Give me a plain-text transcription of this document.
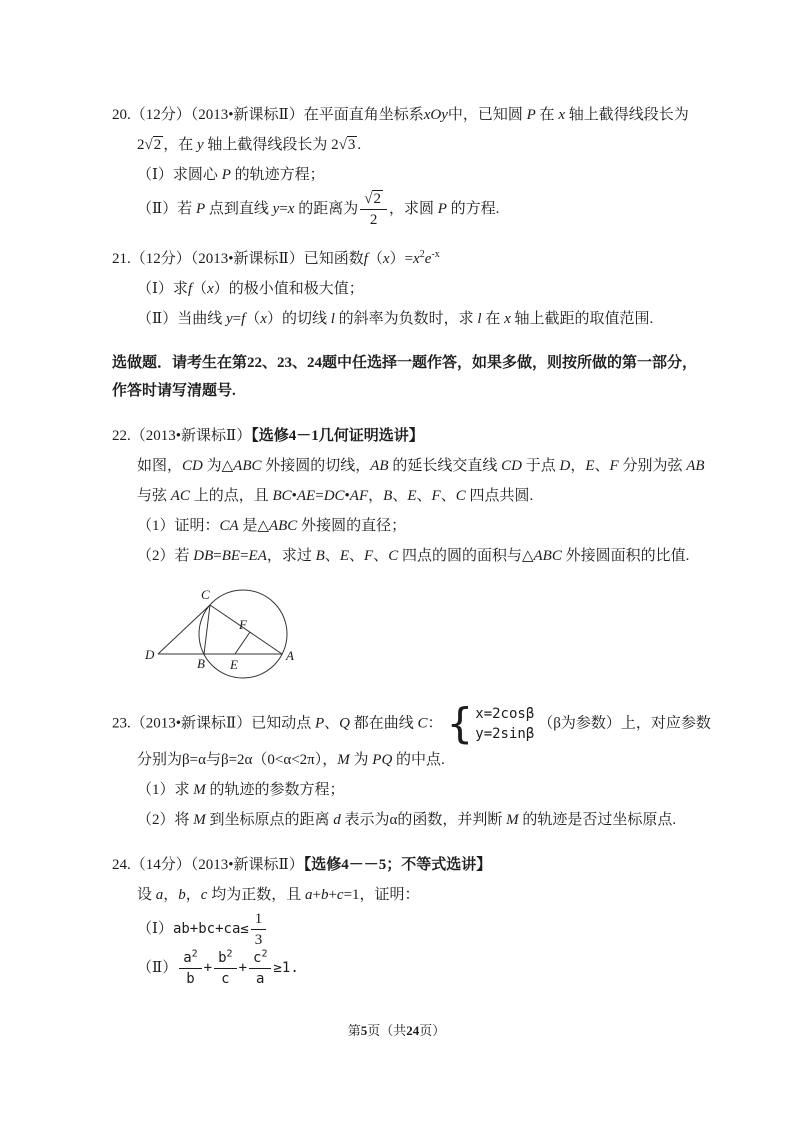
20.（12分）（2013•新课标Ⅱ）在平面直角坐标系xOy中，已知圆 P 在 x 轴上截得线段长为

2√2 ，在 y 轴上截得线段长为 2√3 .

（Ⅰ）求圆心 P 的轨迹方程；

（Ⅱ）若 P 点到直线 y=x 的距离为 $\frac{√2}{2}$ ，求圆 P 的方程.

21.（12分）（2013•新课标Ⅱ）已知函数$f(x)=x^2e^{-x}$

（Ⅰ）求f（x）的极小值和极大值；

（Ⅱ）当曲线 y=f（x）的切线 l 的斜率为负数时，求 l 在 x 轴上截距的取值范围.

选做题．请考生在第22、23、24题中任选择一题作答，如果多做，则按所做的第一部分，
作答时请写清题号.

22.（2013•新课标Ⅱ）【选修4－1几何证明选讲】

如图，CD 为△ABC 外接圆的切线，AB 的延长线交直线 CD 于点 D，E、F 分别为弦 AB

与弦 AC 上的点，且 BC•AE=DC•AF，B、E、F、C 四点共圆.

（1）证明：CA 是△ABC 外接圆的直径；

（2）若 DB=BE=EA，求过 B、E、F、C 四点的圆的面积与△ABC 外接圆面积的比值.

C
F
D
B E
A

23.（2013•新课标Ⅱ）已知动点 P、Q 都在曲线 C： { x=2cosβ
y=2sinβ
（β为参数）上，对应参数

分别为β=α与β=2α（0<α<2π），M 为 PQ 的中点.

（1）求 M 的轨迹的参数方程；

（2）将 M 到坐标原点的距离 d 表示为α的函数，并判断 M 的轨迹是否过坐标原点.

24.（14分）（2013•新课标Ⅱ）【选修4－－5；不等式选讲】

设 a，b，c 均为正数，且 a+b+c=1，证明：

（Ⅰ）ab+bc+ca≤ $\frac{1}{3}$

（Ⅱ） $\frac{a^2}{b} + \frac{b^2}{c} + \frac{c^2}{a} \ge 1$.

第5页（共24页）
